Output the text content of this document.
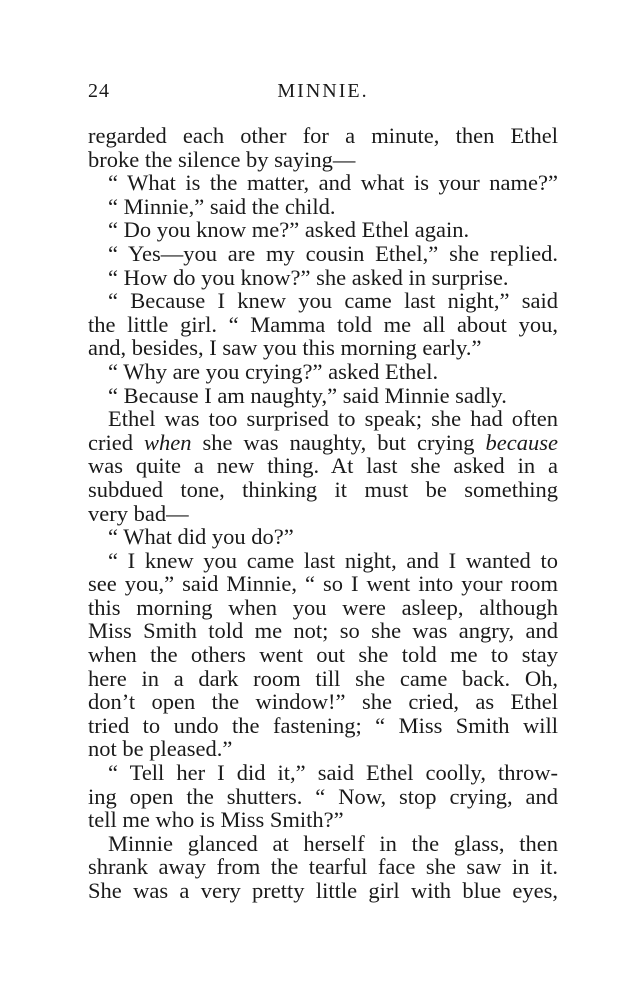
24	MINNIE.
regarded each other for a minute, then Ethel
broke the silence by saying—
“ What is the matter, and what is your name?”
“ Minnie,” said the child.
“ Do you know me?” asked Ethel again.
“ Yes—you are my cousin Ethel,” she replied.
“ How do you know?” she asked in surprise.
“ Because I knew you came last night,” said
the little girl. “ Mamma told me all about you,
and, besides, I saw you this morning early.”
“ Why are you crying?” asked Ethel.
“ Because I am naughty,” said Minnie sadly.
Ethel was too surprised to speak; she had often
cried when she was naughty, but crying because
was quite a new thing. At last she asked in a
subdued tone, thinking it must be something
very bad—
“ What did you do?”
“ I knew you came last night, and I wanted to
see you,” said Minnie, “ so I went into your room
this morning when you were asleep, although
Miss Smith told me not; so she was angry, and
when the others went out she told me to stay
here in a dark room till she came back. Oh,
don’t open the window!” she cried, as Ethel
tried to undo the fastening; “ Miss Smith will
not be pleased.”
“ Tell her I did it,” said Ethel coolly, throw-
ing open the shutters. “ Now, stop crying, and
tell me who is Miss Smith?”
Minnie glanced at herself in the glass, then
shrank away from the tearful face she saw in it.
She was a very pretty little girl with blue eyes,
